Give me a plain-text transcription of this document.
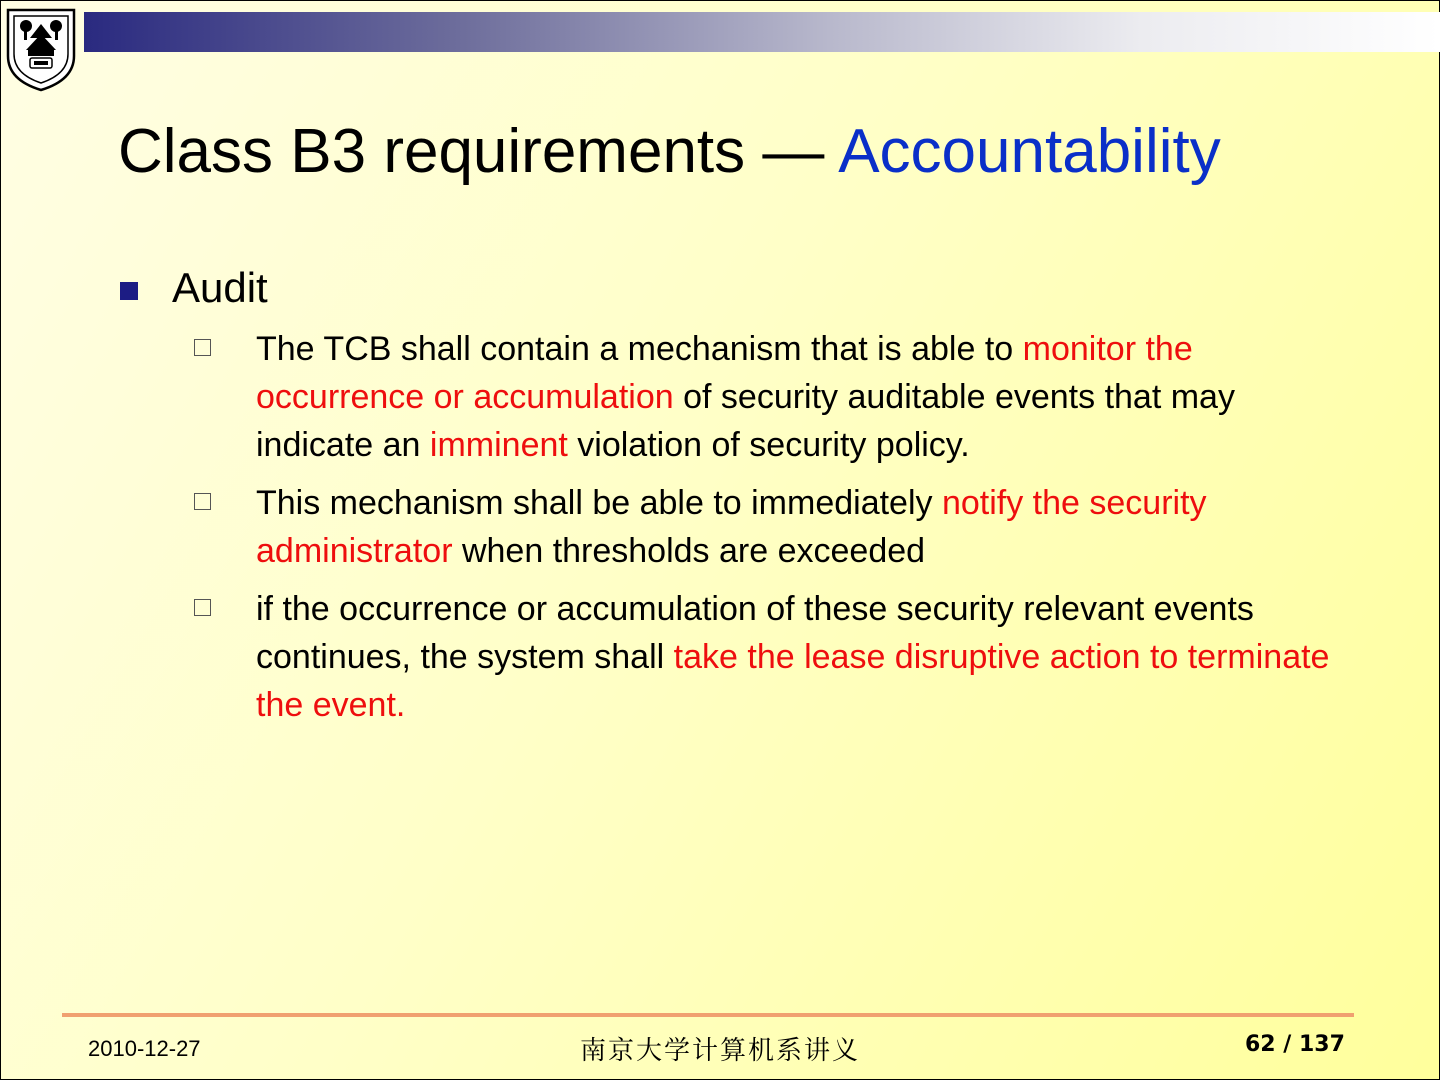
Class B3 requirements — Accountability
Audit
The TCB shall contain a mechanism that is able to monitor the occurrence or accumulation of security auditable events that may indicate an imminent violation of security policy.
This mechanism shall be able to immediately notify the security administrator when thresholds are exceeded
if the occurrence or accumulation of these security relevant events continues, the system shall take the lease disruptive action to terminate the event.
2010-12-27	南京大学计算机系讲义	62 / 137
